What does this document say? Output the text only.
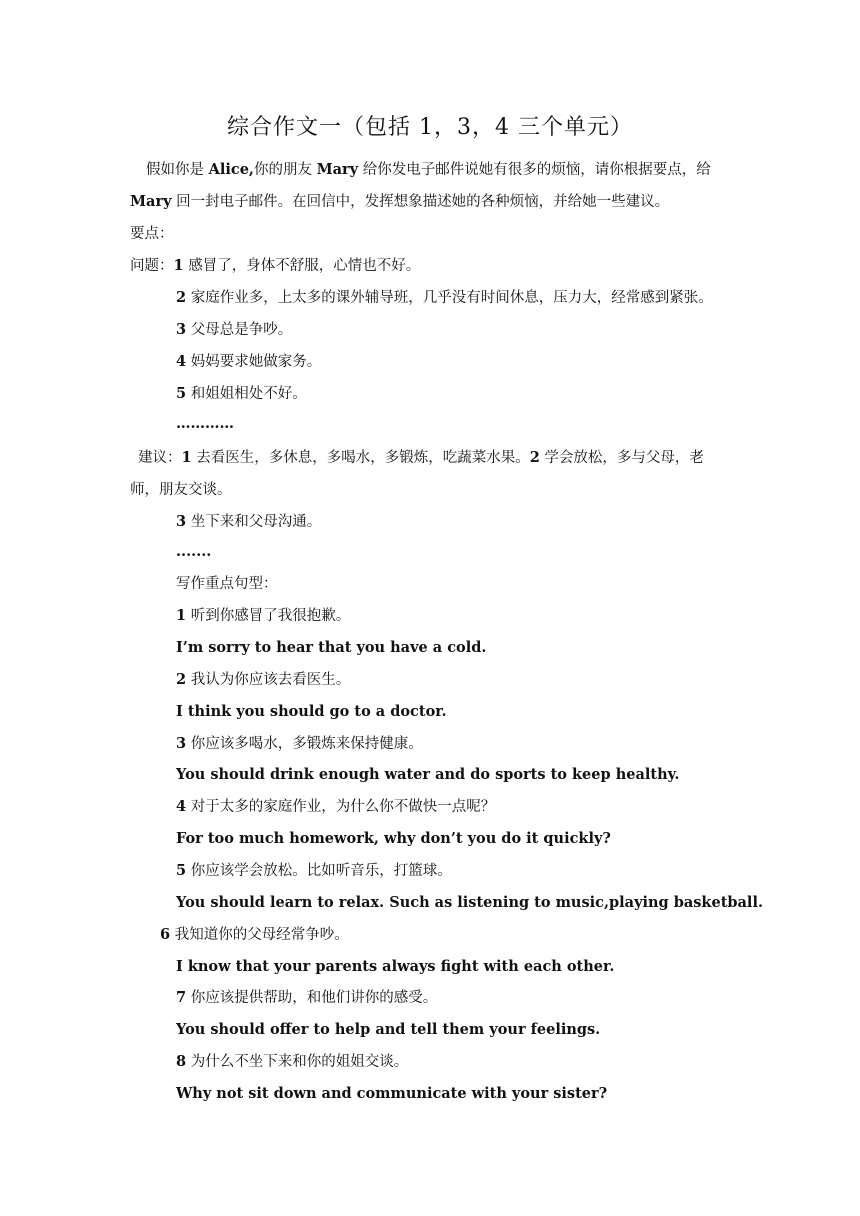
综合作文一（包括 1，3，4 三个单元）
假如你是 Alice,你的朋友 Mary 给你发电子邮件说她有很多的烦恼，请你根据要点，给
Mary 回一封电子邮件。在回信中，发挥想象描述她的各种烦恼，并给她一些建议。
要点：
问题：1 感冒了，身体不舒服，心情也不好。
2 家庭作业多，上太多的课外辅导班，几乎没有时间休息，压力大，经常感到紧张。
3 父母总是争吵。
4 妈妈要求她做家务。
5 和姐姐相处不好。
…………
建议：1 去看医生，多休息，多喝水，多锻炼，吃蔬菜水果。2 学会放松，多与父母，老
师，朋友交谈。
3 坐下来和父母沟通。
.......
写作重点句型：
1 听到你感冒了我很抱歉。
I’m sorry to hear that you have a cold.
2 我认为你应该去看医生。
I think you should go to a doctor.
3 你应该多喝水，多锻炼来保持健康。
You should drink enough water and do sports to keep healthy.
4 对于太多的家庭作业，为什么你不做快一点呢？
For too much homework, why don’t you do it quickly?
5 你应该学会放松。比如听音乐，打篮球。
You should learn to relax. Such as listening to music,playing basketball.
6 我知道你的父母经常争吵。
I know that your parents always fight with each other.
7 你应该提供帮助，和他们讲你的感受。
You should offer to help and tell them your feelings.
8 为什么不坐下来和你的姐姐交谈。
Why not sit down and communicate with your sister?
